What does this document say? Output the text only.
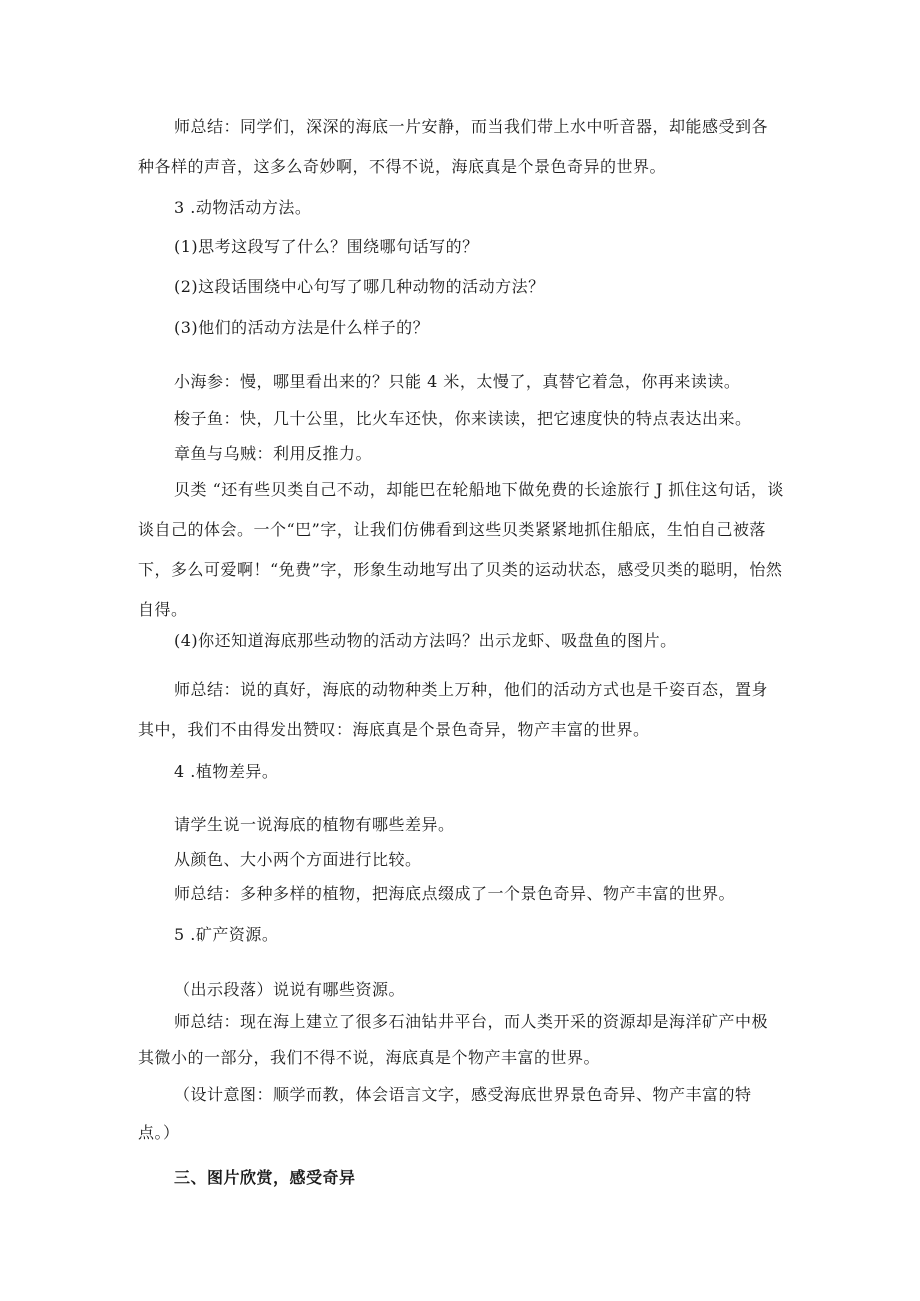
师总结：同学们，深深的海底一片安静，而当我们带上水中听音器，却能感受到各种各样的声音，这多么奇妙啊，不得不说，海底真是个景色奇异的世界。
3 .动物活动方法。
(1)思考这段写了什么？围绕哪句话写的？
(2)这段话围绕中心句写了哪几种动物的活动方法？
(3)他们的活动方法是什么样子的？
小海参：慢，哪里看出来的？只能 4 米，太慢了，真替它着急，你再来读读。
梭子鱼：快，几十公里，比火车还快，你来读读，把它速度快的特点表达出来。
章鱼与乌贼：利用反推力。
贝类 “还有些贝类自己不动，却能巴在轮船地下做免费的长途旅行 J 抓住这句话，谈谈自己的体会。一个“巴”字，让我们仿佛看到这些贝类紧紧地抓住船底，生怕自己被落下，多么可爱啊！“免费”字，形象生动地写出了贝类的运动状态，感受贝类的聪明，怡然自得。
(4)你还知道海底那些动物的活动方法吗？出示龙虾、吸盘鱼的图片。
师总结：说的真好，海底的动物种类上万种，他们的活动方式也是千姿百态，置身其中，我们不由得发出赞叹：海底真是个景色奇异，物产丰富的世界。
4 .植物差异。
请学生说一说海底的植物有哪些差异。
从颜色、大小两个方面进行比较。
师总结：多种多样的植物，把海底点缀成了一个景色奇异、物产丰富的世界。
5 .矿产资源。
（出示段落）说说有哪些资源。
师总结：现在海上建立了很多石油钻井平台，而人类开采的资源却是海洋矿产中极其微小的一部分，我们不得不说，海底真是个物产丰富的世界。
（设计意图：顺学而教，体会语言文字，感受海底世界景色奇异、物产丰富的特点。）
三、图片欣赏，感受奇异
